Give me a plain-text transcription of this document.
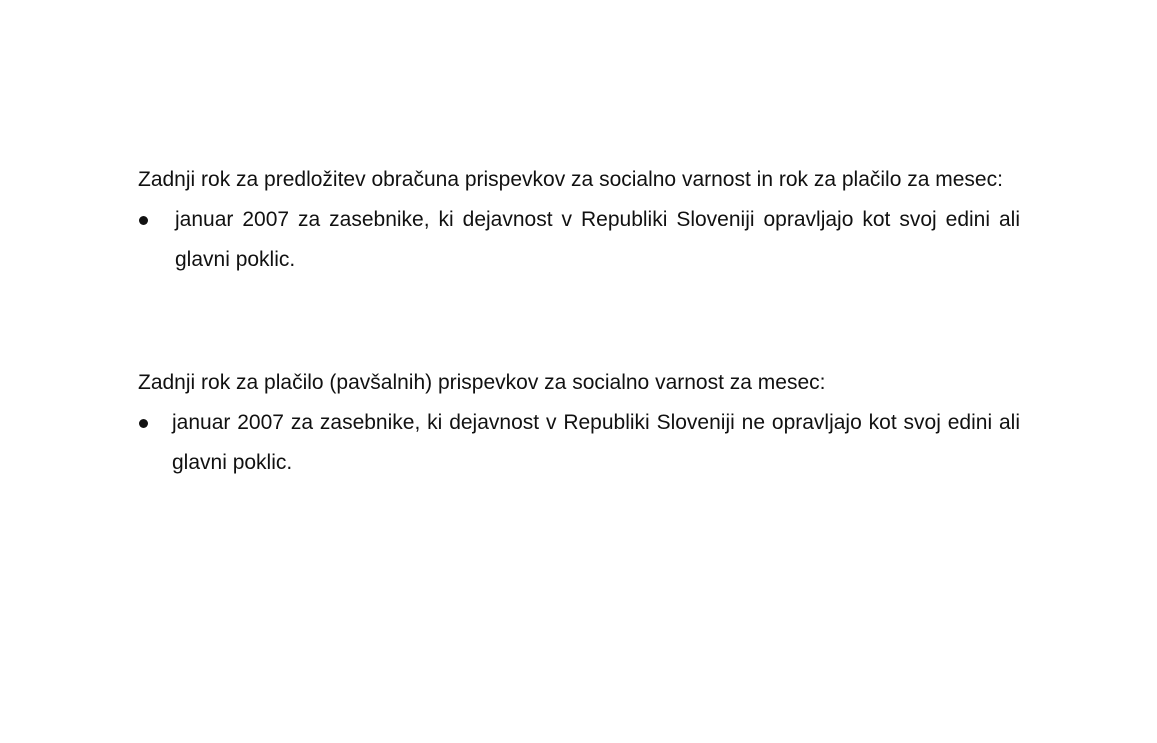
Zadnji rok za predložitev obračuna prispevkov za socialno varnost in rok za plačilo za mesec:

januar 2007 za zasebnike, ki dejavnost v Republiki Sloveniji opravljajo kot svoj edini ali glavni poklic.

Zadnji rok za plačilo (pavšalnih) prispevkov za socialno varnost za mesec:

januar 2007 za zasebnike, ki dejavnost v Republiki Sloveniji ne opravljajo kot svoj edini ali glavni poklic.
